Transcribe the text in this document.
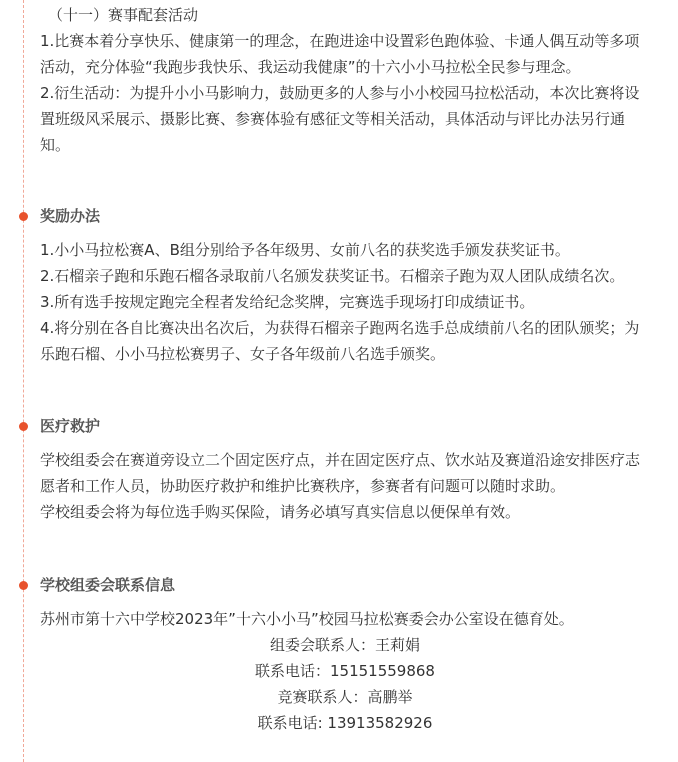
（十一）赛事配套活动

1.比赛本着分享快乐、健康第一的理念，在跑进途中设置彩色跑体验、卡通人偶互动等多项活动，充分体验“我跑步我快乐、我运动我健康”的十六小小马拉松全民参与理念。

2.衍生活动：为提升小小马影响力，鼓励更多的人参与小小校园马拉松活动，本次比赛将设置班级风采展示、摄影比赛、参赛体验有感征文等相关活动，具体活动与评比办法另行通知。

奖励办法

1.小小马拉松赛A、B组分别给予各年级男、女前八名的获奖选手颁发获奖证书。

2.石榴亲子跑和乐跑石榴各录取前八名颁发获奖证书。石榴亲子跑为双人团队成绩名次。

3.所有选手按规定跑完全程者发给纪念奖牌，完赛选手现场打印成绩证书。

4.将分别在各自比赛决出名次后，为获得石榴亲子跑两名选手总成绩前八名的团队颁奖；为乐跑石榴、小小马拉松赛男子、女子各年级前八名选手颁奖。

医疗救护

学校组委会在赛道旁设立二个固定医疗点，并在固定医疗点、饮水站及赛道沿途安排医疗志愿者和工作人员，协助医疗救护和维护比赛秩序，参赛者有问题可以随时求助。

学校组委会将为每位选手购买保险，请务必填写真实信息以便保单有效。

学校组委会联系信息

苏州市第十六中学校2023年”十六小小马”校园马拉松赛委会办公室设在德育处。

组委会联系人：王莉娟

联系电话：15151559868

竞赛联系人：高鹏举

联系电话: 13913582926
